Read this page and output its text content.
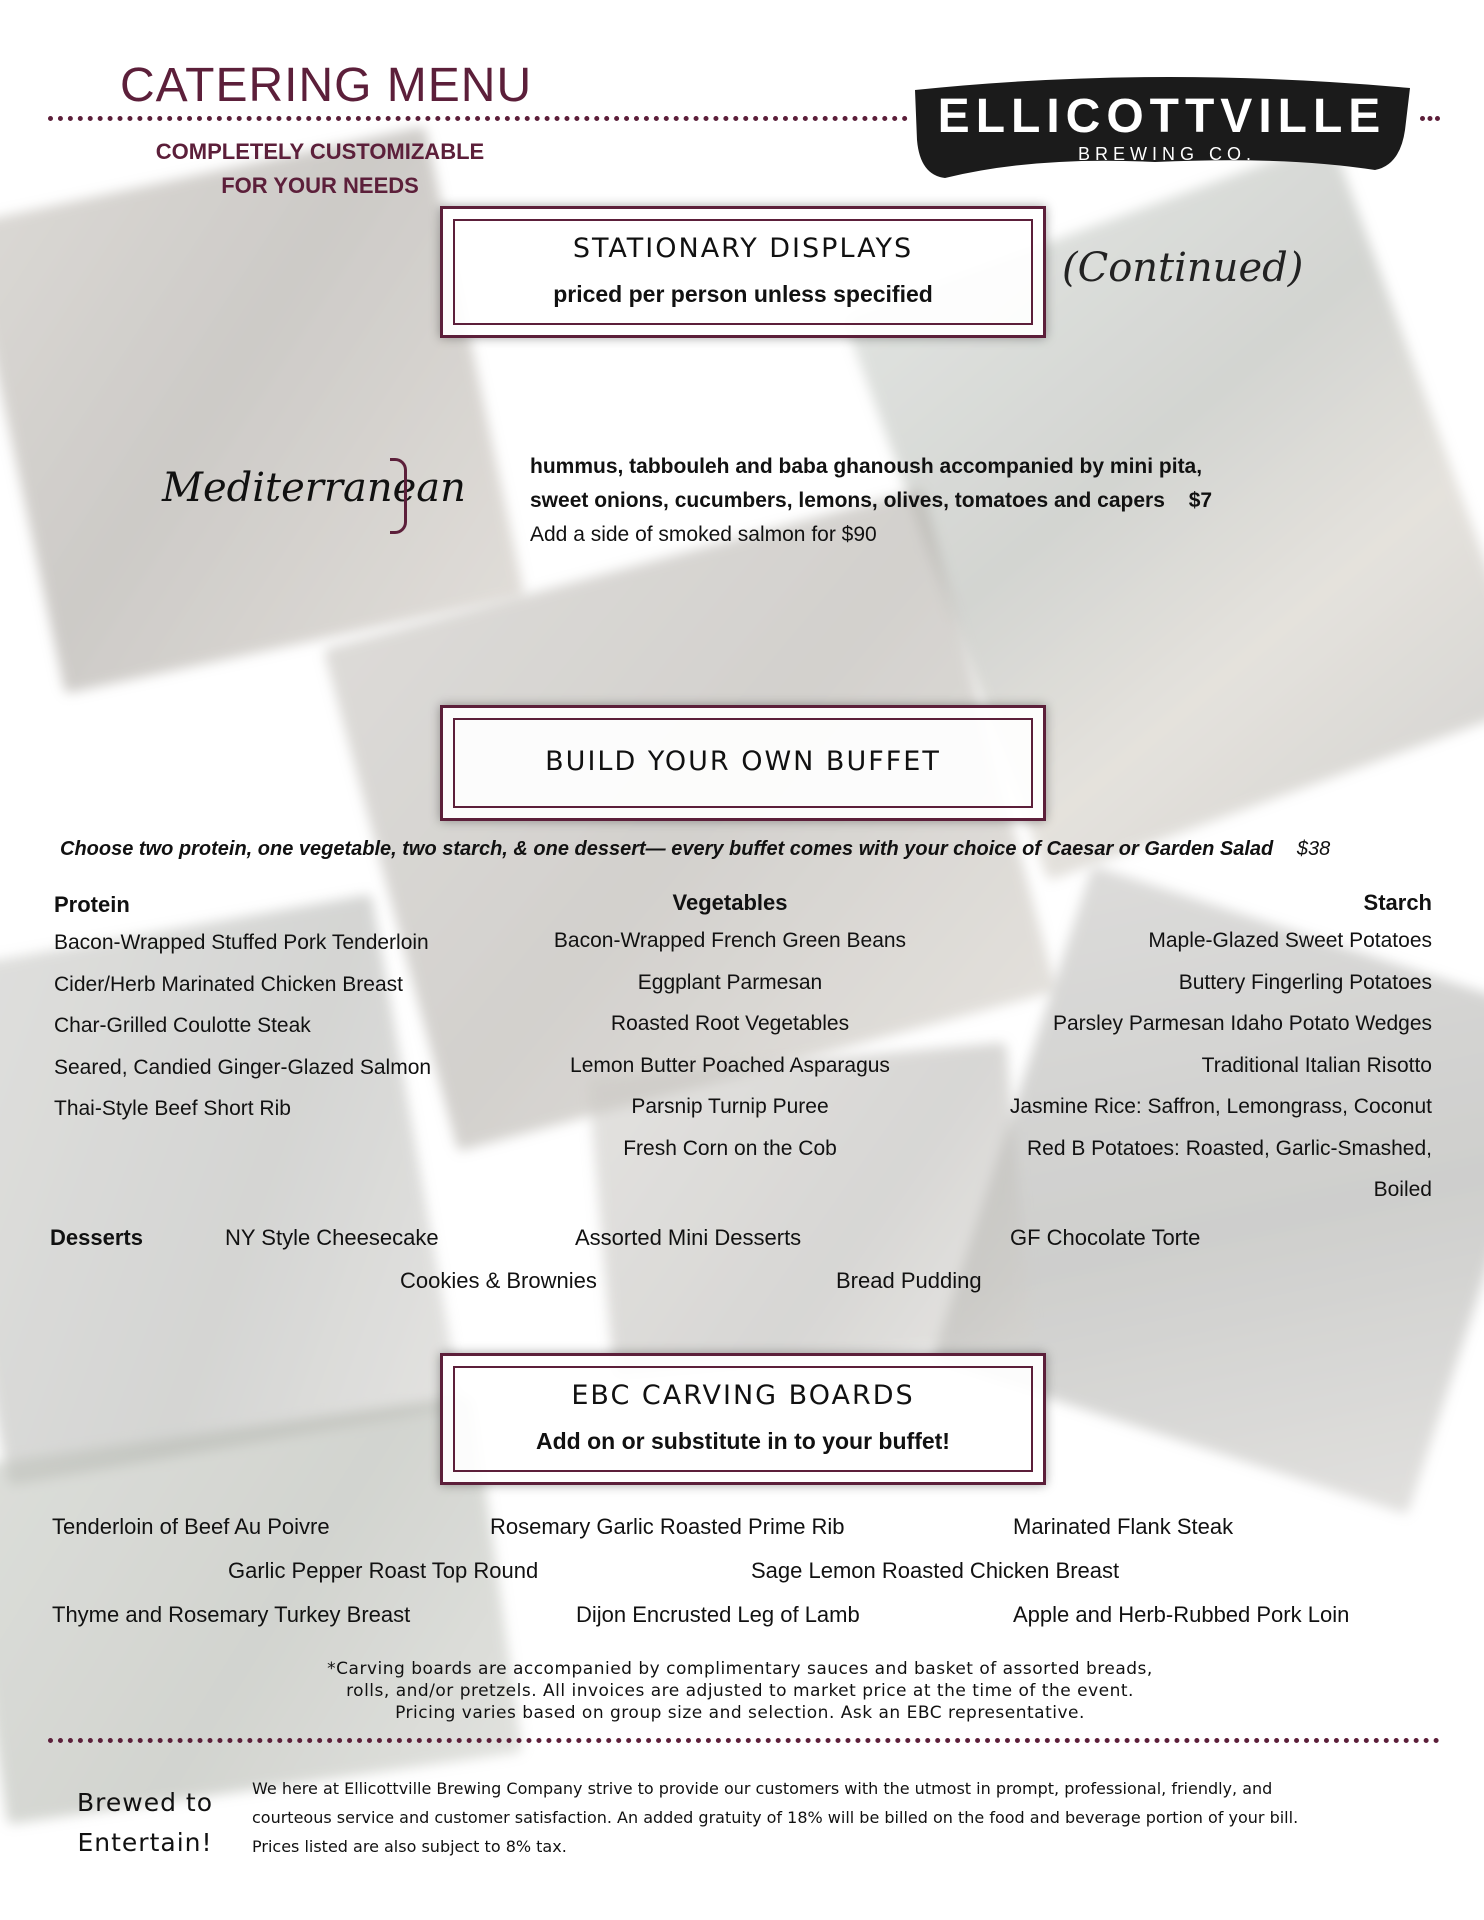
CATERING MENU
COMPLETELY CUSTOMIZABLE
FOR YOUR NEEDS
ELLICOTTVILLE
BREWING CO.
STATIONARY DISPLAYS
priced per person unless specified
(Continued)
Mediterranean	hummus, tabbouleh and baba ghanoush accompanied by mini pita,
sweet onions, cucumbers, lemons, olives, tomatoes and capers $7
Add a side of smoked salmon for $90
BUILD YOUR OWN BUFFET
Choose two protein, one vegetable, two starch, & one dessert— every buffet comes with your choice of Caesar or Garden Salad $38
Protein
Bacon-Wrapped Stuffed Pork Tenderloin
Cider/Herb Marinated Chicken Breast
Char-Grilled Coulotte Steak
Seared, Candied Ginger-Glazed Salmon
Thai-Style Beef Short Rib
Vegetables
Bacon-Wrapped French Green Beans
Eggplant Parmesan
Roasted Root Vegetables
Lemon Butter Poached Asparagus
Parsnip Turnip Puree
Fresh Corn on the Cob
Starch
Maple-Glazed Sweet Potatoes
Buttery Fingerling Potatoes
Parsley Parmesan Idaho Potato Wedges
Traditional Italian Risotto
Jasmine Rice: Saffron, Lemongrass, Coconut
Red B Potatoes: Roasted, Garlic-Smashed,
Boiled
Desserts	NY Style Cheesecake	Assorted Mini Desserts	GF Chocolate Torte
Cookies & Brownies	Bread Pudding
EBC CARVING BOARDS
Add on or substitute in to your buffet!
Tenderloin of Beef Au Poivre	Rosemary Garlic Roasted Prime Rib	Marinated Flank Steak
Garlic Pepper Roast Top Round	Sage Lemon Roasted Chicken Breast
Thyme and Rosemary Turkey Breast	Dijon Encrusted Leg of Lamb	Apple and Herb-Rubbed Pork Loin
*Carving boards are accompanied by complimentary sauces and basket of assorted breads,
rolls, and/or pretzels. All invoices are adjusted to market price at the time of the event.
Pricing varies based on group size and selection. Ask an EBC representative.
Brewed to
Entertain!
We here at Ellicottville Brewing Company strive to provide our customers with the utmost in prompt, professional, friendly, and
courteous service and customer satisfaction. An added gratuity of 18% will be billed on the food and beverage portion of your bill.
Prices listed are also subject to 8% tax.
